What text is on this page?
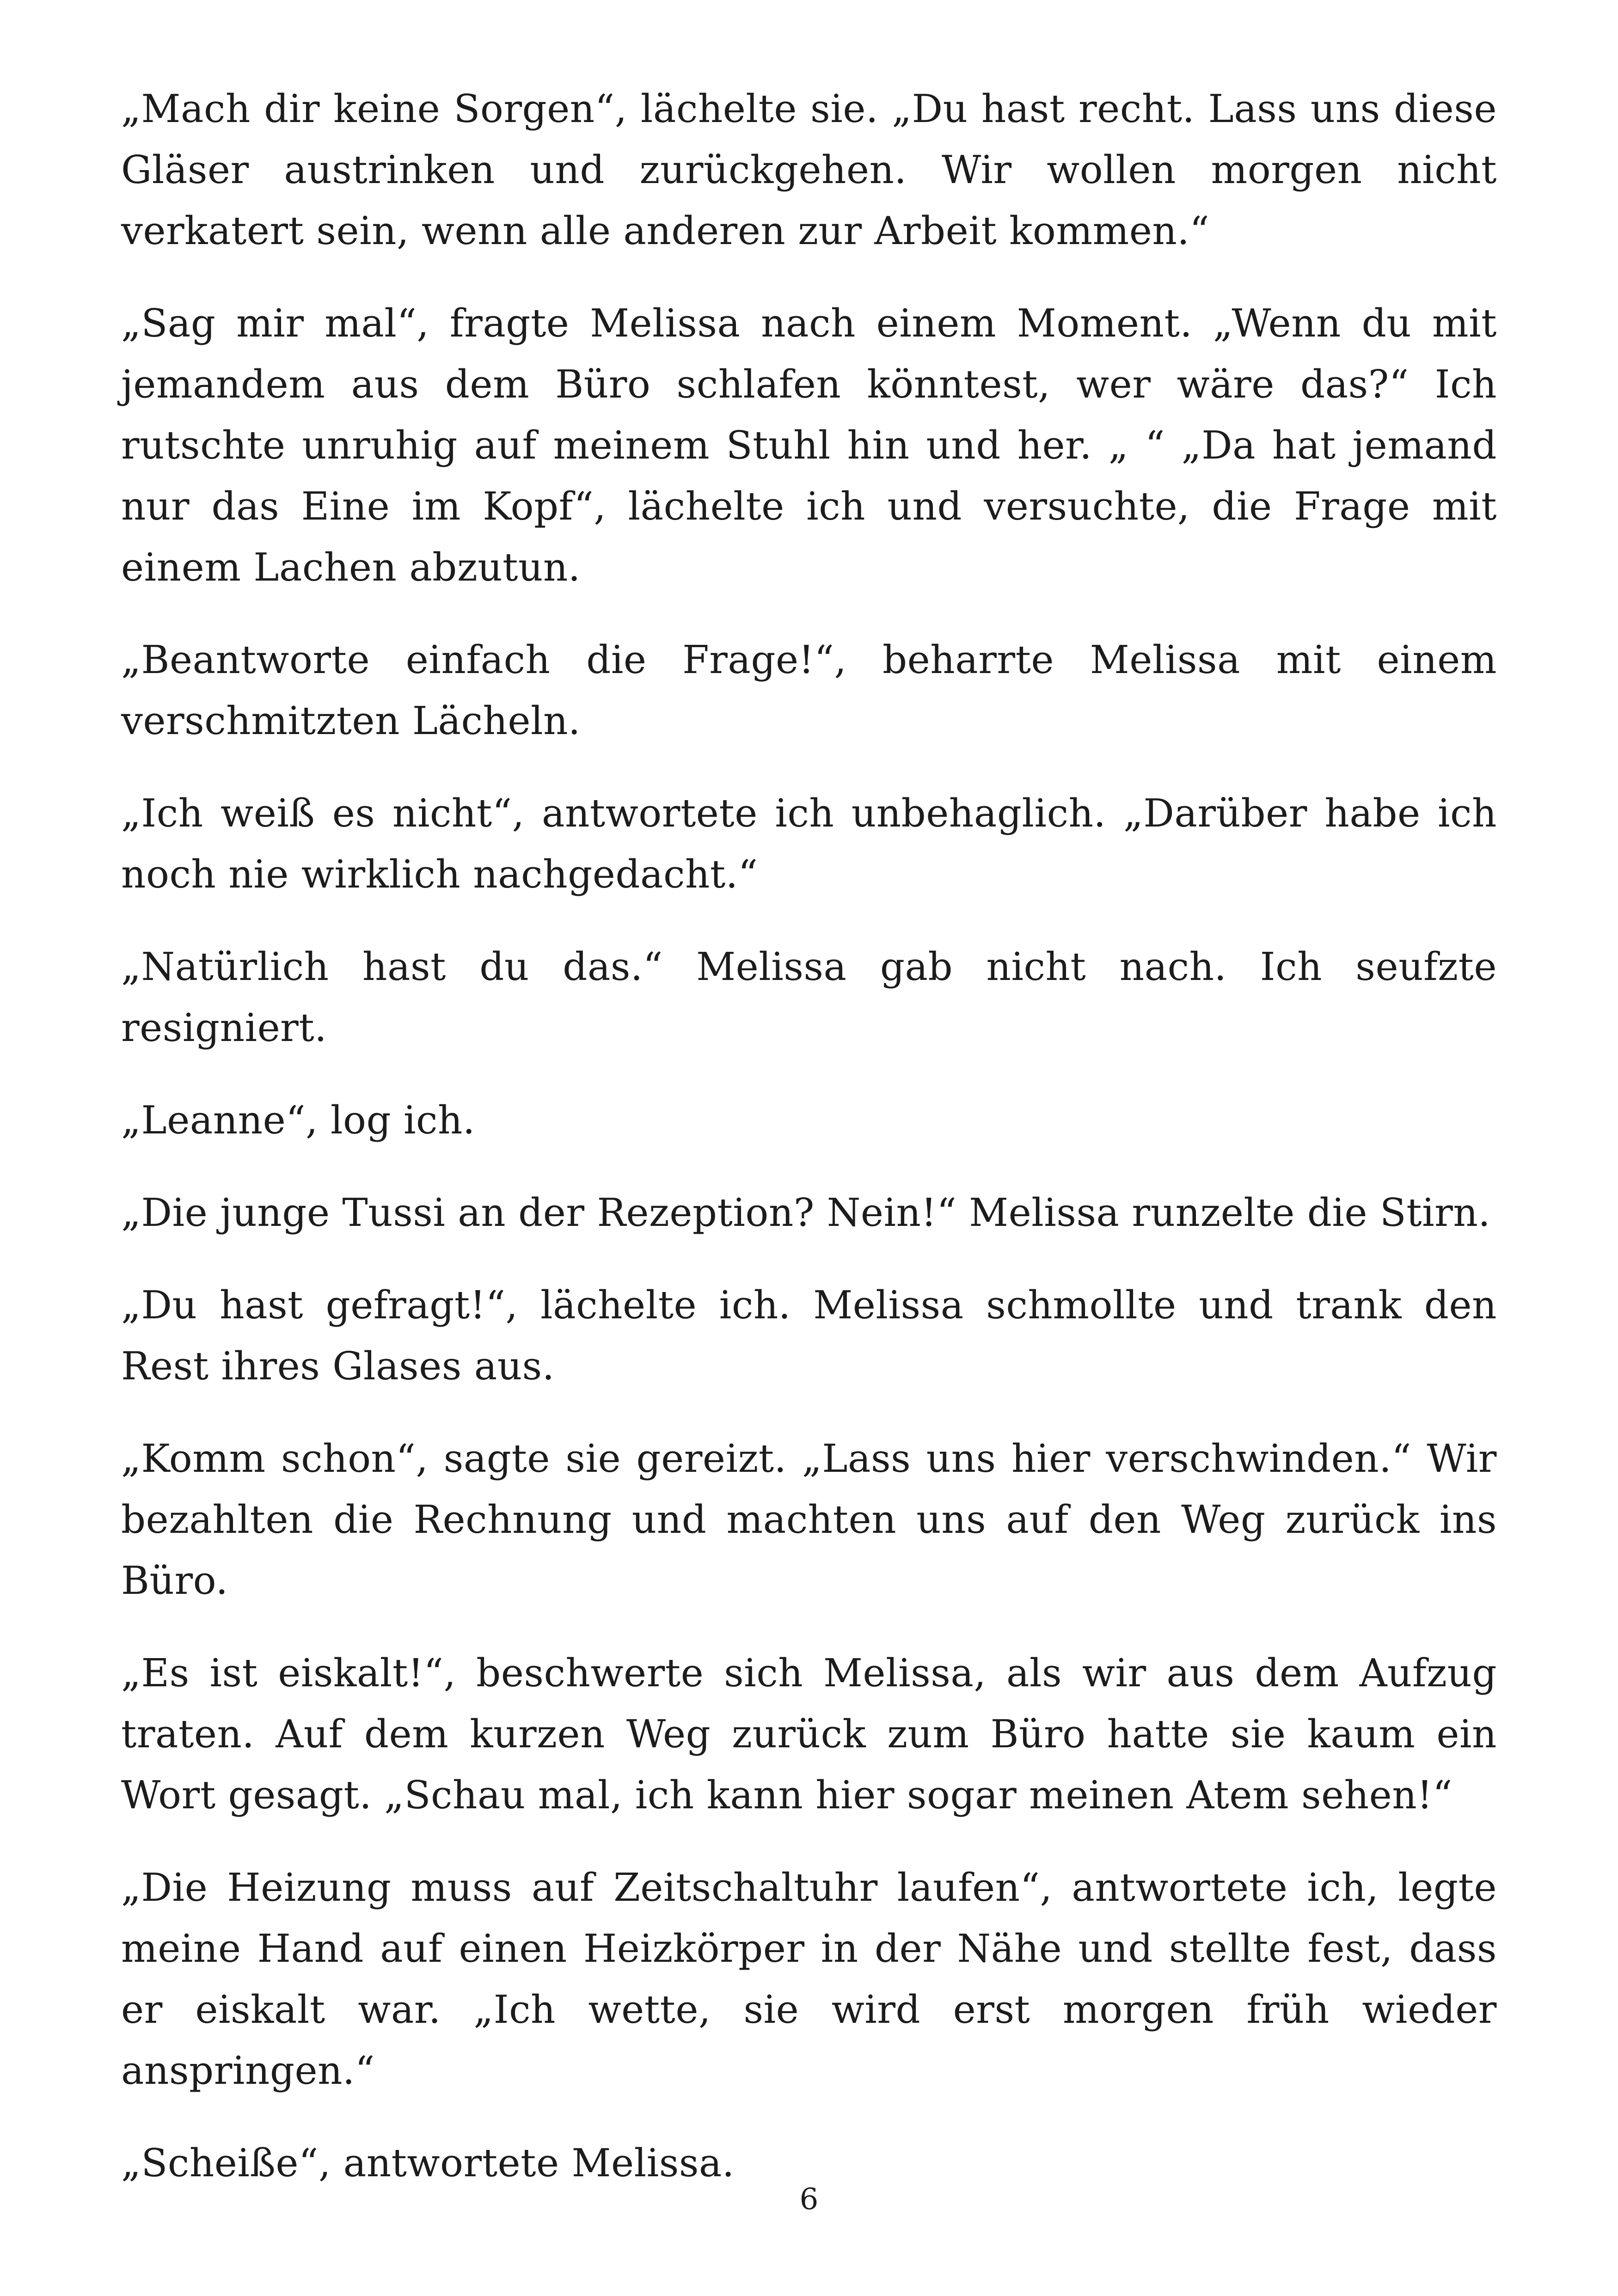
„Mach dir keine Sorgen“, lächelte sie. „Du hast recht. Lass uns diese Gläser austrinken und zurückgehen. Wir wollen morgen nicht verkatert sein, wenn alle anderen zur Arbeit kommen.“

„Sag mir mal“, fragte Melissa nach einem Moment. „Wenn du mit jemandem aus dem Büro schlafen könntest, wer wäre das?“ Ich rutschte unruhig auf meinem Stuhl hin und her. „ “ „Da hat jemand nur das Eine im Kopf“, lächelte ich und versuchte, die Frage mit einem Lachen abzutun.

„Beantworte einfach die Frage!“, beharrte Melissa mit einem verschmitzten Lächeln.

„Ich weiß es nicht“, antwortete ich unbehaglich. „Darüber habe ich noch nie wirklich nachgedacht.“

„Natürlich hast du das.“ Melissa gab nicht nach. Ich seufzte resigniert.

„Leanne“, log ich.

„Die junge Tussi an der Rezeption? Nein!“ Melissa runzelte die Stirn.

„Du hast gefragt!“, lächelte ich. Melissa schmollte und trank den Rest ihres Glases aus.

„Komm schon“, sagte sie gereizt. „Lass uns hier verschwinden.“ Wir bezahlten die Rechnung und machten uns auf den Weg zurück ins Büro.

„Es ist eiskalt!“, beschwerte sich Melissa, als wir aus dem Aufzug traten. Auf dem kurzen Weg zurück zum Büro hatte sie kaum ein Wort gesagt. „Schau mal, ich kann hier sogar meinen Atem sehen!“

„Die Heizung muss auf Zeitschaltuhr laufen“, antwortete ich, legte meine Hand auf einen Heizkörper in der Nähe und stellte fest, dass er eiskalt war. „Ich wette, sie wird erst morgen früh wieder anspringen.“

„Scheiße“, antwortete Melissa.

6
